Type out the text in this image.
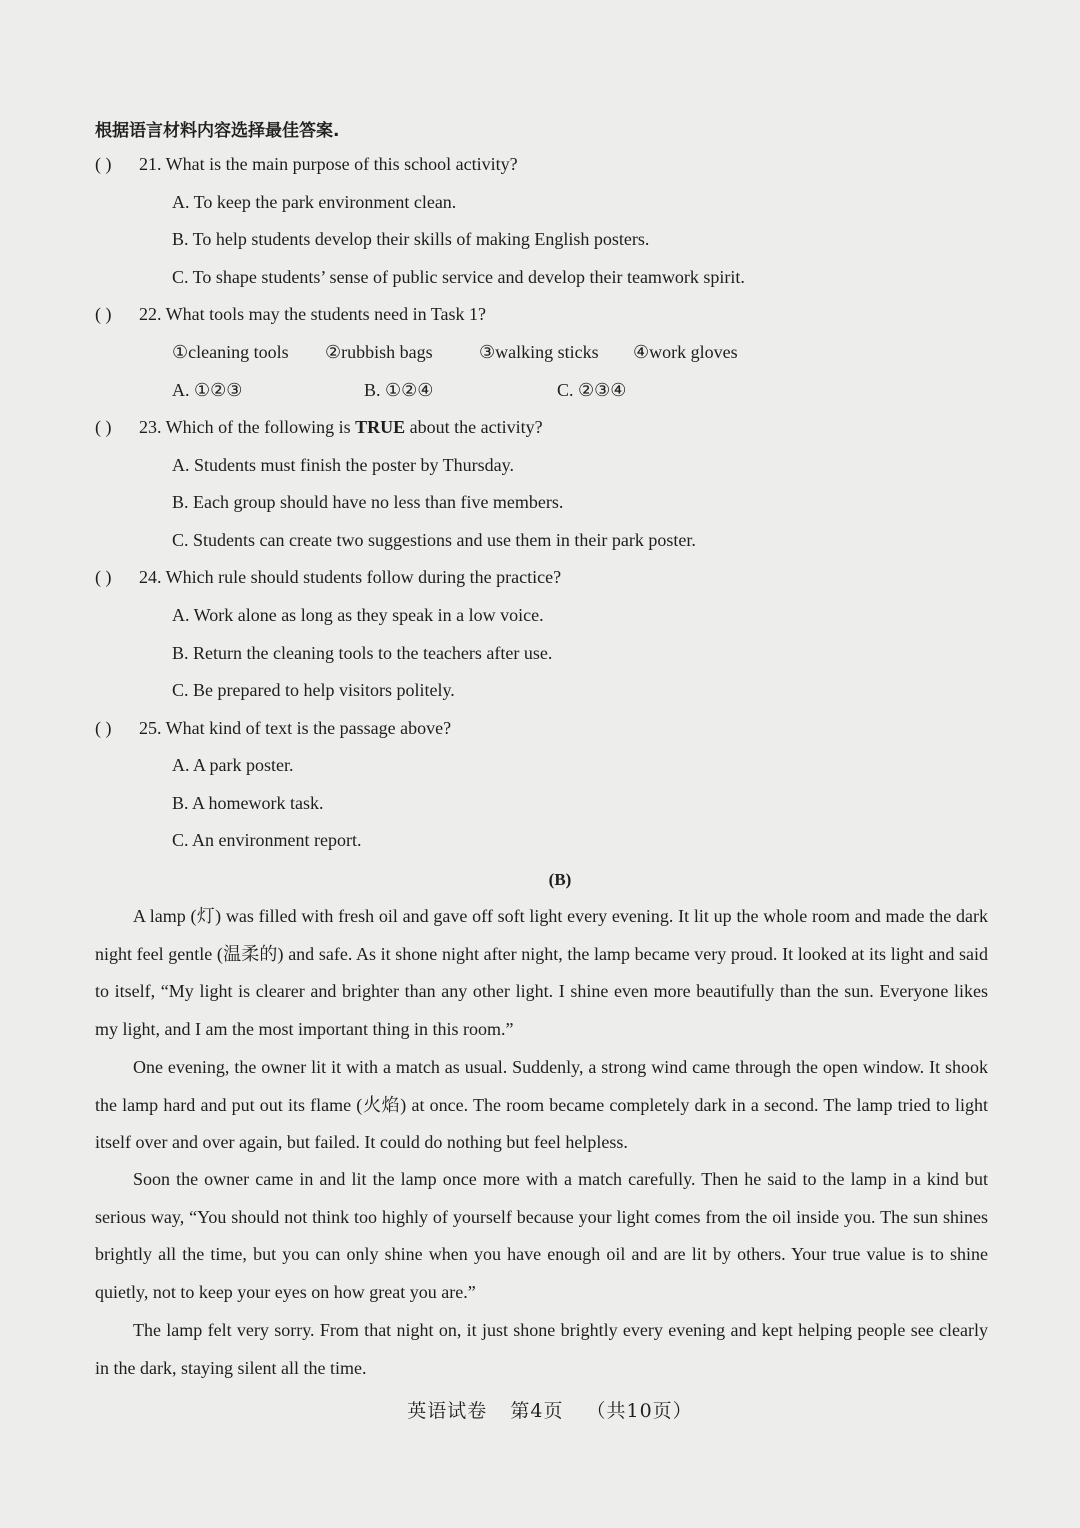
根据语言材料内容选择最佳答案.
( ) 21. What is the main purpose of this school activity?
A. To keep the park environment clean.
B. To help students develop their skills of making English posters.
C. To shape students’ sense of public service and develop their teamwork spirit.
( ) 22. What tools may the students need in Task 1?
①cleaning tools ②rubbish bags	③walking sticks ④work gloves
A. ①②③	B. ①②④	C. ②③④
( ) 23. Which of the following is TRUE about the activity?
A. Students must finish the poster by Thursday.
B. Each group should have no less than five members.
C. Students can create two suggestions and use them in their park poster.
( ) 24. Which rule should students follow during the practice?
A. Work alone as long as they speak in a low voice.
B. Return the cleaning tools to the teachers after use.
C. Be prepared to help visitors politely.
( ) 25. What kind of text is the passage above?
A. A park poster.
B. A homework task.
C. An environment report.
(B)
A lamp (灯) was filled with fresh oil and gave off soft light every evening. It lit up the whole room and made the dark night feel gentle (温柔的) and safe. As it shone night after night, the lamp became very proud. It looked at its light and said to itself, “My light is clearer and brighter than any other light. I shine even more beautifully than the sun. Everyone likes my light, and I am the most important thing in this room.”
One evening, the owner lit it with a match as usual. Suddenly, a strong wind came through the open window. It shook the lamp hard and put out its flame (火焰) at once. The room became completely dark in a second. The lamp tried to light itself over and over again, but failed. It could do nothing but feel helpless.
Soon the owner came in and lit the lamp once more with a match carefully. Then he said to the lamp in a kind but serious way, “You should not think too highly of yourself because your light comes from the oil inside you. The sun shines brightly all the time, but you can only shine when you have enough oil and are lit by others. Your true value is to shine quietly, not to keep your eyes on how great you are.”
The lamp felt very sorry. From that night on, it just shone brightly every evening and kept helping people see clearly in the dark, staying silent all the time.
英语试卷 第4页 （共10页）
